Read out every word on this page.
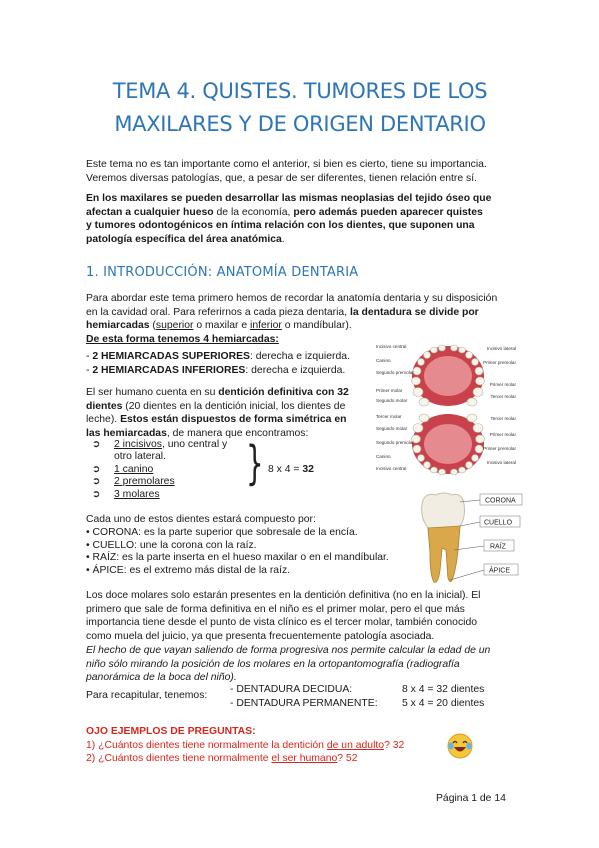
TEMA 4. QUISTES. TUMORES DE LOS
MAXILARES Y DE ORIGEN DENTARIO
Este tema no es tan importante como el anterior, si bien es cierto, tiene su importancia.
Veremos diversas patologías, que, a pesar de ser diferentes, tienen relación entre sí.
En los maxilares se pueden desarrollar las mismas neoplasias del tejido óseo que
afectan a cualquier hueso de la economía, pero además pueden aparecer quistes
y tumores odontogénicos en íntima relación con los dientes, que suponen una
patología específica del área anatómica.
1. INTRODUCCIÓN: ANATOMÍA DENTARIA
Para abordar este tema primero hemos de recordar la anatomía dentaria y su disposición
en la cavidad oral. Para referirnos a cada pieza dentaria, la dentadura se divide por
hemiarcadas (superior o maxilar e inferior o mandíbular).
De esta forma tenemos 4 hemiarcadas:
- 2 HEMIARCADAS SUPERIORES: derecha e izquierda.
- 2 HEMIARCADAS INFERIORES: derecha e izquierda.
El ser humano cuenta en su dentición definitiva con 32
dientes (20 dientes en la dentición inicial, los dientes de
leche). Estos están dispuestos de forma simétrica en
las hemiarcadas, de manera que encontramos:
➲	2 incisivos, uno central y
otro lateral.
➲	1 canino
➲	2 premolares
➲	3 molares
} 8 x 4 = 32
Cada uno de estos dientes estará compuesto por:
• CORONA: es la parte superior que sobresale de la encía.
• CUELLO: une la corona con la raíz.
• RAÍZ: es la parte inserta en el hueso maxilar o en el mandíbular.
• ÁPICE: es el extremo más distal de la raíz.
Incisivo central
Canino
Segundo premolar
Primer molar
Segundo molar
Tercer molar
Segundo molar
Segundo premolar
Canino
Incisivo central
Incisivo lateral
Primer premolar
Primer molar
Tercer molar
Tercer molar
Primer molar
Primer premolar
Incisivo lateral
CORONA
CUELLO
RAÍZ
ÁPICE
Los doce molares solo estarán presentes en la dentición definitiva (no en la inicial). El
primero que sale de forma definitiva en el niño es el primer molar, pero el que más
importancia tiene desde el punto de vista clínico es el tercer molar, también conocido
como muela del juicio, ya que presenta frecuentemente patología asociada.
El hecho de que vayan saliendo de forma progresiva nos permite calcular la edad de un
niño sólo mirando la posición de los molares en la ortopantomografía (radiografía
panorámica de la boca del niño).
Para recapitular, tenemos:
- DENTADURA DECIDUA:	8 x 4 = 32 dientes
- DENTADURA PERMANENTE:	5 x 4 = 20 dientes
OJO EJEMPLOS DE PREGUNTAS:
1) ¿Cuántos dientes tiene normalmente la dentición de un adulto? 32
2) ¿Cuántos dientes tiene normalmente el ser humano? 52
Página 1 de 14
